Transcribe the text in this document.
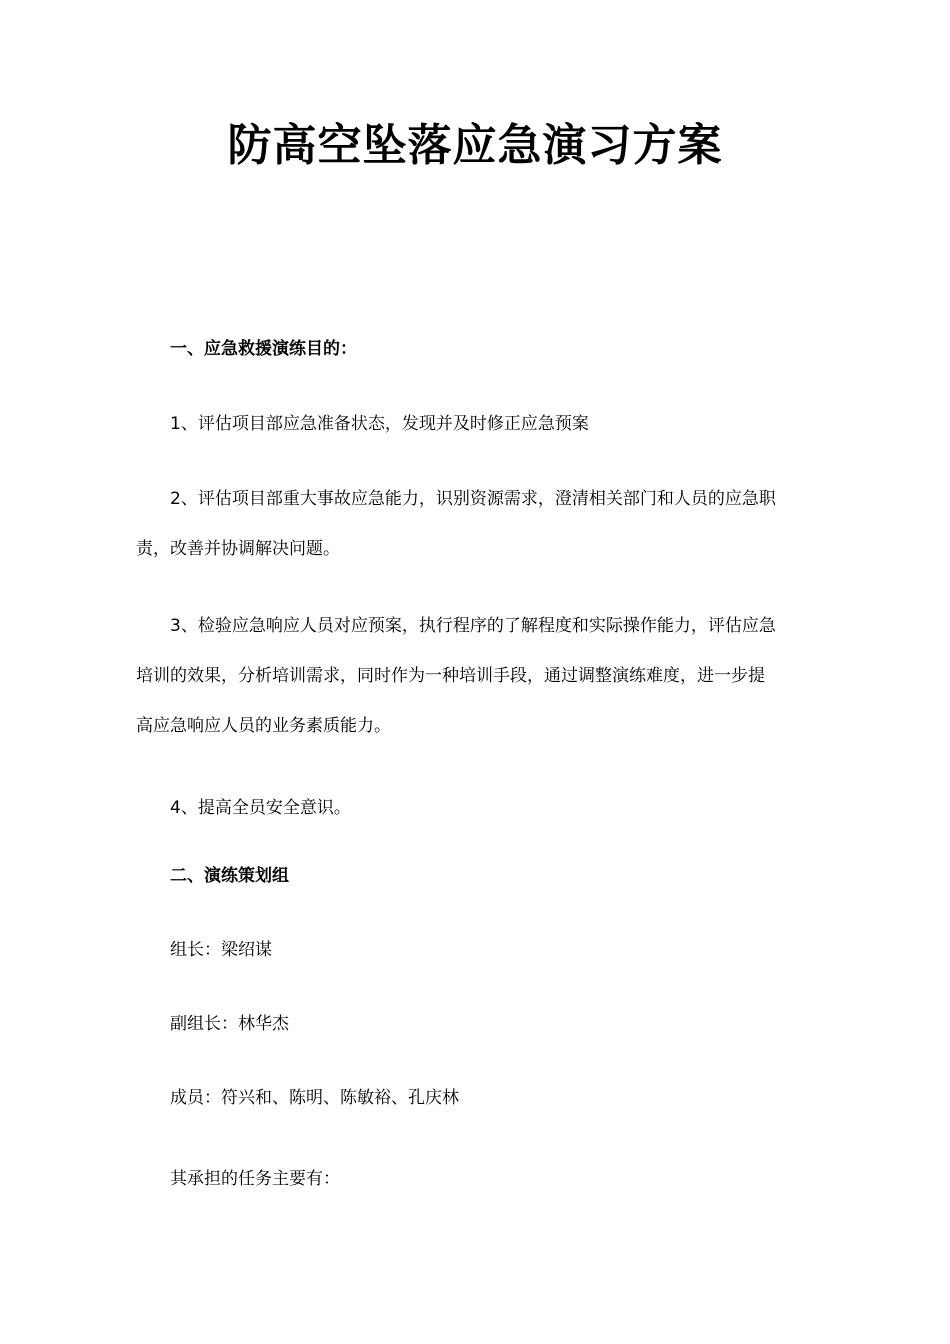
防高空坠落应急演习方案
一、应急救援演练目的：
1、评估项目部应急准备状态，发现并及时修正应急预案
2、评估项目部重大事故应急能力，识别资源需求，澄清相关部门和人员的应急职
责，改善并协调解决问题。
3、检验应急响应人员对应预案，执行程序的了解程度和实际操作能力，评估应急
培训的效果，分析培训需求，同时作为一种培训手段，通过调整演练难度，进一步提
高应急响应人员的业务素质能力。
4、提高全员安全意识。
二、演练策划组
组长：梁绍谋
副组长：林华杰
成员：符兴和、陈明、陈敏裕、孔庆林
其承担的任务主要有：
